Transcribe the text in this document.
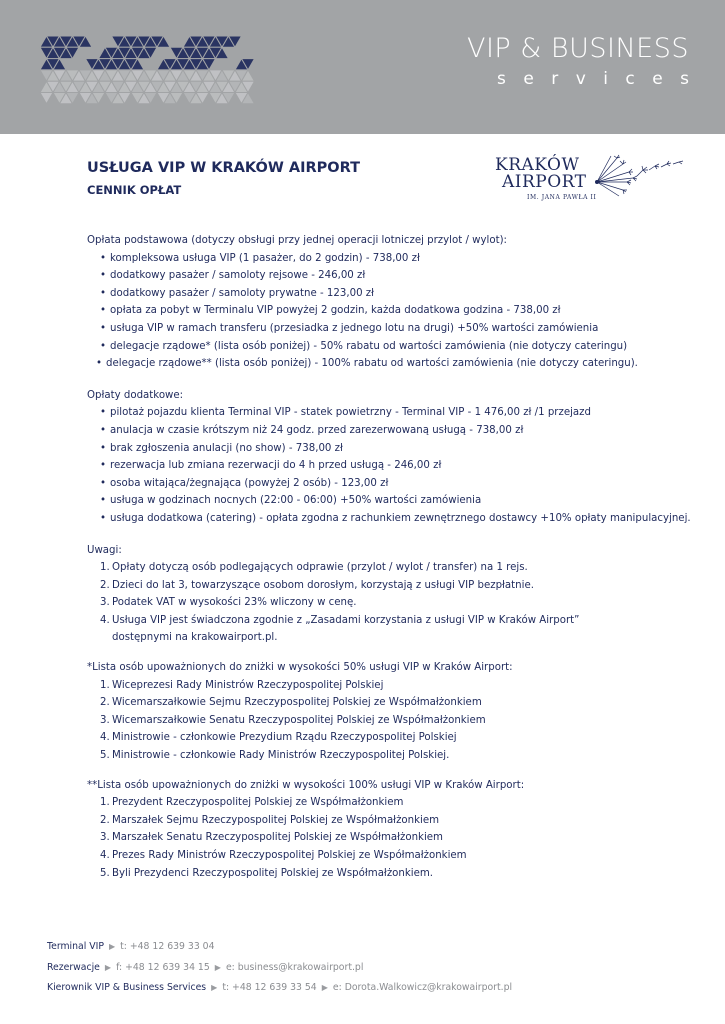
VIP & BUSINESS
s e r v i c e s
USŁUGA VIP W KRAKÓW AIRPORT
CENNIK OPŁAT
KRAKÓW
AIRPORT
IM. JANA PAWŁA II
Opłata podstawowa (dotyczy obsługi przy jednej operacji lotniczej przylot / wylot):
• kompleksowa usługa VIP (1 pasażer, do 2 godzin) - 738,00 zł
• dodatkowy pasażer / samoloty rejsowe - 246,00 zł
• dodatkowy pasażer / samoloty prywatne - 123,00 zł
• opłata za pobyt w Terminalu VIP powyżej 2 godzin, każda dodatkowa godzina - 738,00 zł
• usługa VIP w ramach transferu (przesiadka z jednego lotu na drugi) +50% wartości zamówienia
• delegacje rządowe* (lista osób poniżej) - 50% rabatu od wartości zamówienia (nie dotyczy cateringu)
• delegacje rządowe** (lista osób poniżej) - 100% rabatu od wartości zamówienia (nie dotyczy cateringu).
Opłaty dodatkowe:
• pilotaż pojazdu klienta Terminal VIP - statek powietrzny - Terminal VIP - 1 476,00 zł /1 przejazd
• anulacja w czasie krótszym niż 24 godz. przed zarezerwowaną usługą - 738,00 zł
• brak zgłoszenia anulacji (no show) - 738,00 zł
• rezerwacja lub zmiana rezerwacji do 4 h przed usługą - 246,00 zł
• osoba witająca/żegnająca (powyżej 2 osób) - 123,00 zł
• usługa w godzinach nocnych (22:00 - 06:00) +50% wartości zamówienia
• usługa dodatkowa (catering) - opłata zgodna z rachunkiem zewnętrznego dostawcy +10% opłaty manipulacyjnej.
Uwagi:
1. Opłaty dotyczą osób podlegających odprawie (przylot / wylot / transfer) na 1 rejs.
2. Dzieci do lat 3, towarzyszące osobom dorosłym, korzystają z usługi VIP bezpłatnie.
3. Podatek VAT w wysokości 23% wliczony w cenę.
4. Usługa VIP jest świadczona zgodnie z „Zasadami korzystania z usługi VIP w Kraków Airport”
dostępnymi na krakowairport.pl.
*Lista osób upoważnionych do zniżki w wysokości 50% usługi VIP w Kraków Airport:
1. Wiceprezesi Rady Ministrów Rzeczypospolitej Polskiej
2. Wicemarszałkowie Sejmu Rzeczypospolitej Polskiej ze Współmałżonkiem
3. Wicemarszałkowie Senatu Rzeczypospolitej Polskiej ze Współmałżonkiem
4. Ministrowie - członkowie Prezydium Rządu Rzeczypospolitej Polskiej
5. Ministrowie - członkowie Rady Ministrów Rzeczypospolitej Polskiej.
**Lista osób upoważnionych do zniżki w wysokości 100% usługi VIP w Kraków Airport:
1. Prezydent Rzeczypospolitej Polskiej ze Współmałżonkiem
2. Marszałek Sejmu Rzeczypospolitej Polskiej ze Współmałżonkiem
3. Marszałek Senatu Rzeczypospolitej Polskiej ze Współmałżonkiem
4. Prezes Rady Ministrów Rzeczypospolitej Polskiej ze Współmałżonkiem
5. Byli Prezydenci Rzeczypospolitej Polskiej ze Współmałżonkiem.
Terminal VIP ▶ t: +48 12 639 33 04
Rezerwacje ▶ f: +48 12 639 34 15 ▶ e: business@krakowairport.pl
Kierownik VIP & Business Services ▶ t: +48 12 639 33 54 ▶ e: Dorota.Walkowicz@krakowairport.pl
